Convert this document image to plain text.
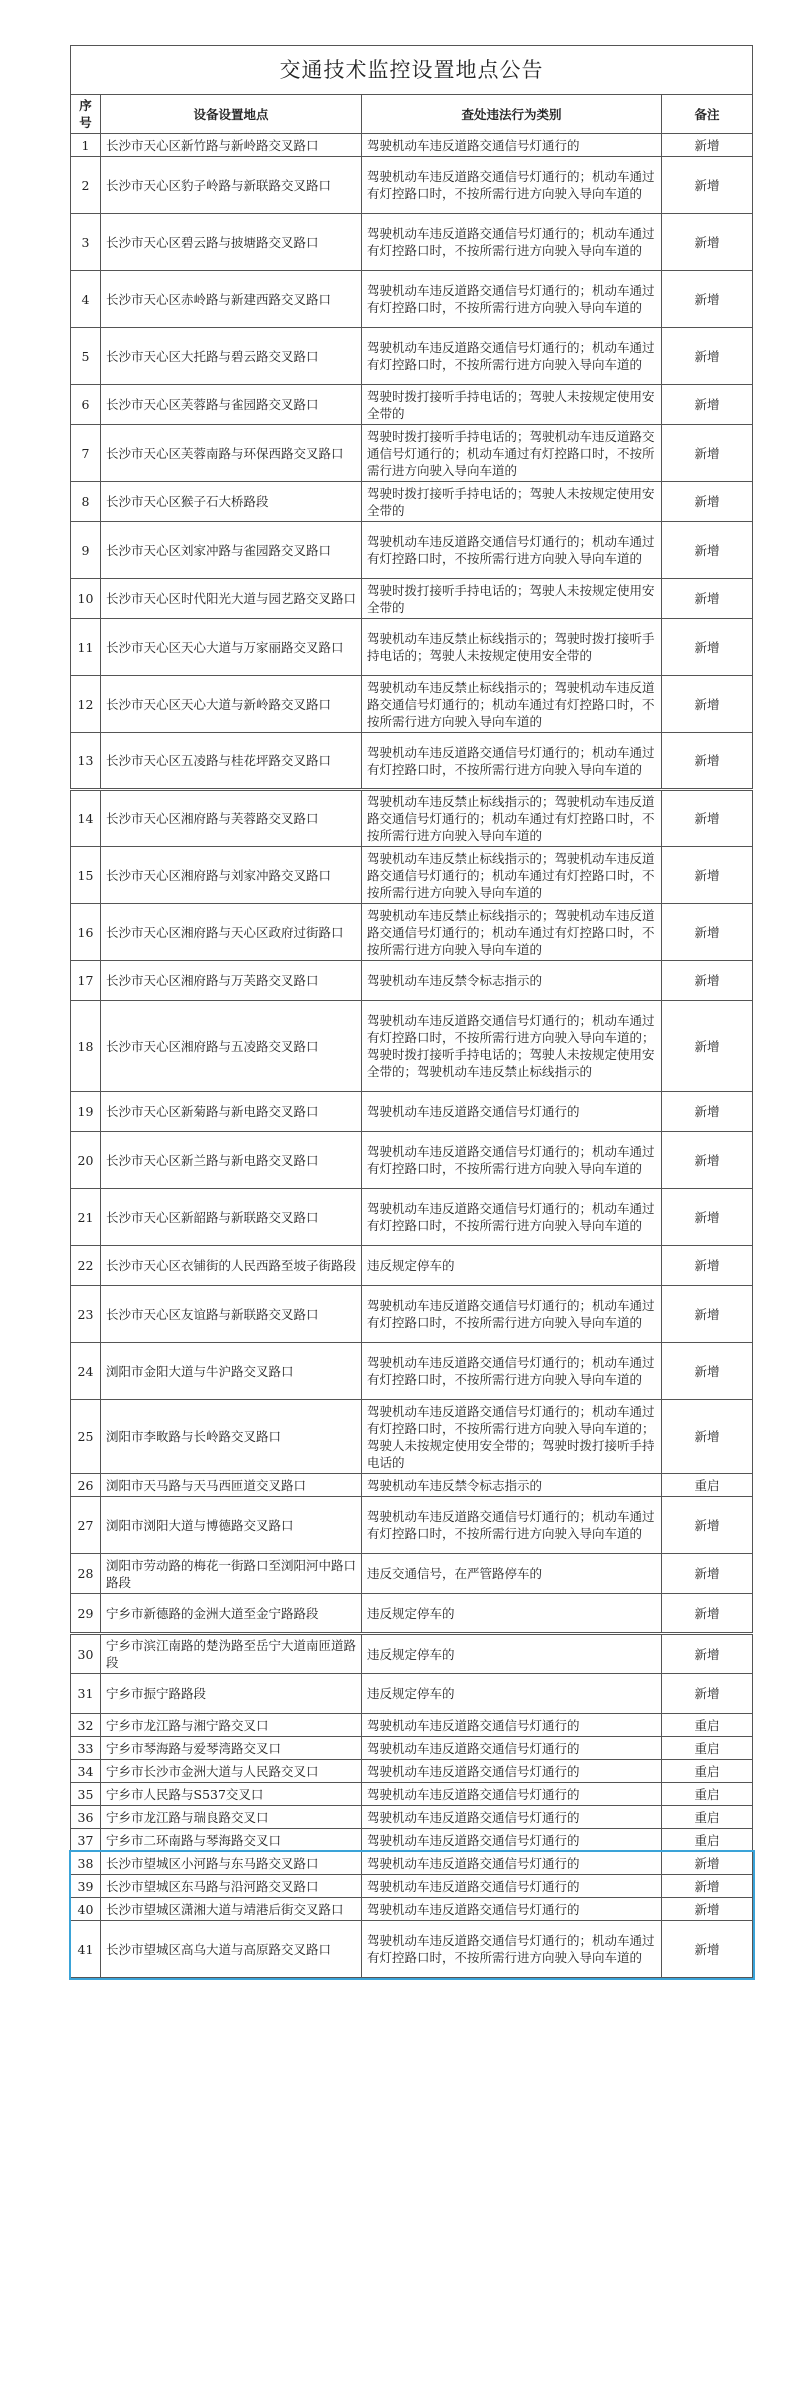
交通技术监控设置地点公告			
序号	设备设置地点	查处违法行为类别	备注
1	长沙市天心区新竹路与新岭路交叉路口	驾驶机动车违反道路交通信号灯通行的	新增
2	长沙市天心区豹子岭路与新联路交叉路口	驾驶机动车违反道路交通信号灯通行的；机动车通过有灯控路口时，不按所需行进方向驶入导向车道的	新增
3	长沙市天心区碧云路与披塘路交叉路口	驾驶机动车违反道路交通信号灯通行的；机动车通过有灯控路口时，不按所需行进方向驶入导向车道的	新增
4	长沙市天心区赤岭路与新建西路交叉路口	驾驶机动车违反道路交通信号灯通行的；机动车通过有灯控路口时，不按所需行进方向驶入导向车道的	新增
5	长沙市天心区大托路与碧云路交叉路口	驾驶机动车违反道路交通信号灯通行的；机动车通过有灯控路口时，不按所需行进方向驶入导向车道的	新增
6	长沙市天心区芙蓉路与雀园路交叉路口	驾驶时拨打接听手持电话的；驾驶人未按规定使用安全带的	新增
7	长沙市天心区芙蓉南路与环保西路交叉路口	驾驶时拨打接听手持电话的；驾驶机动车违反道路交通信号灯通行的；机动车通过有灯控路口时，不按所需行进方向驶入导向车道的	新增
8	长沙市天心区猴子石大桥路段	驾驶时拨打接听手持电话的；驾驶人未按规定使用安全带的	新增
9	长沙市天心区刘家冲路与雀园路交叉路口	驾驶机动车违反道路交通信号灯通行的；机动车通过有灯控路口时，不按所需行进方向驶入导向车道的	新增
10	长沙市天心区时代阳光大道与园艺路交叉路口	驾驶时拨打接听手持电话的；驾驶人未按规定使用安全带的	新增
11	长沙市天心区天心大道与万家丽路交叉路口	驾驶机动车违反禁止标线指示的；驾驶时拨打接听手持电话的；驾驶人未按规定使用安全带的	新增
12	长沙市天心区天心大道与新岭路交叉路口	驾驶机动车违反禁止标线指示的；驾驶机动车违反道路交通信号灯通行的；机动车通过有灯控路口时，不按所需行进方向驶入导向车道的	新增
13	长沙市天心区五凌路与桂花坪路交叉路口	驾驶机动车违反道路交通信号灯通行的；机动车通过有灯控路口时，不按所需行进方向驶入导向车道的	新增
14	长沙市天心区湘府路与芙蓉路交叉路口	驾驶机动车违反禁止标线指示的；驾驶机动车违反道路交通信号灯通行的；机动车通过有灯控路口时，不按所需行进方向驶入导向车道的	新增
15	长沙市天心区湘府路与刘家冲路交叉路口	驾驶机动车违反禁止标线指示的；驾驶机动车违反道路交通信号灯通行的；机动车通过有灯控路口时，不按所需行进方向驶入导向车道的	新增
16	长沙市天心区湘府路与天心区政府过街路口	驾驶机动车违反禁止标线指示的；驾驶机动车违反道路交通信号灯通行的；机动车通过有灯控路口时，不按所需行进方向驶入导向车道的	新增
17	长沙市天心区湘府路与万芙路交叉路口	驾驶机动车违反禁令标志指示的	新增
18	长沙市天心区湘府路与五凌路交叉路口	驾驶机动车违反道路交通信号灯通行的；机动车通过有灯控路口时，不按所需行进方向驶入导向车道的；驾驶时拨打接听手持电话的；驾驶人未按规定使用安全带的；驾驶机动车违反禁止标线指示的	新增
19	长沙市天心区新菊路与新电路交叉路口	驾驶机动车违反道路交通信号灯通行的	新增
20	长沙市天心区新兰路与新电路交叉路口	驾驶机动车违反道路交通信号灯通行的；机动车通过有灯控路口时，不按所需行进方向驶入导向车道的	新增
21	长沙市天心区新韶路与新联路交叉路口	驾驶机动车违反道路交通信号灯通行的；机动车通过有灯控路口时，不按所需行进方向驶入导向车道的	新增
22	长沙市天心区衣铺街的人民西路至坡子街路段	违反规定停车的	新增
23	长沙市天心区友谊路与新联路交叉路口	驾驶机动车违反道路交通信号灯通行的；机动车通过有灯控路口时，不按所需行进方向驶入导向车道的	新增
24	浏阳市金阳大道与牛沪路交叉路口	驾驶机动车违反道路交通信号灯通行的；机动车通过有灯控路口时，不按所需行进方向驶入导向车道的	新增
25	浏阳市李畋路与长岭路交叉路口	驾驶机动车违反道路交通信号灯通行的；机动车通过有灯控路口时，不按所需行进方向驶入导向车道的；驾驶人未按规定使用安全带的；驾驶时拨打接听手持电话的	新增
26	浏阳市天马路与天马西匝道交叉路口	驾驶机动车违反禁令标志指示的	重启
27	浏阳市浏阳大道与博德路交叉路口	驾驶机动车违反道路交通信号灯通行的；机动车通过有灯控路口时，不按所需行进方向驶入导向车道的	新增
28	浏阳市劳动路的梅花一街路口至浏阳河中路口路段	违反交通信号，在严管路停车的	新增
29	宁乡市新德路的金洲大道至金宁路路段	违反规定停车的	新增
30	宁乡市滨江南路的楚沩路至岳宁大道南匝道路段	违反规定停车的	新增
31	宁乡市振宁路路段	违反规定停车的	新增
32	宁乡市龙江路与湘宁路交叉口	驾驶机动车违反道路交通信号灯通行的	重启
33	宁乡市琴海路与爱琴湾路交叉口	驾驶机动车违反道路交通信号灯通行的	重启
34	宁乡市长沙市金洲大道与人民路交叉口	驾驶机动车违反道路交通信号灯通行的	重启
35	宁乡市人民路与S537交叉口	驾驶机动车违反道路交通信号灯通行的	重启
36	宁乡市龙江路与瑞良路交叉口	驾驶机动车违反道路交通信号灯通行的	重启
37	宁乡市二环南路与琴海路交叉口	驾驶机动车违反道路交通信号灯通行的	重启
38	长沙市望城区小河路与东马路交叉路口	驾驶机动车违反道路交通信号灯通行的	新增
39	长沙市望城区东马路与沿河路交叉路口	驾驶机动车违反道路交通信号灯通行的	新增
40	长沙市望城区潇湘大道与靖港后街交叉路口	驾驶机动车违反道路交通信号灯通行的	新增
41	长沙市望城区高乌大道与高原路交叉路口	驾驶机动车违反道路交通信号灯通行的；机动车通过有灯控路口时，不按所需行进方向驶入导向车道的	新增
